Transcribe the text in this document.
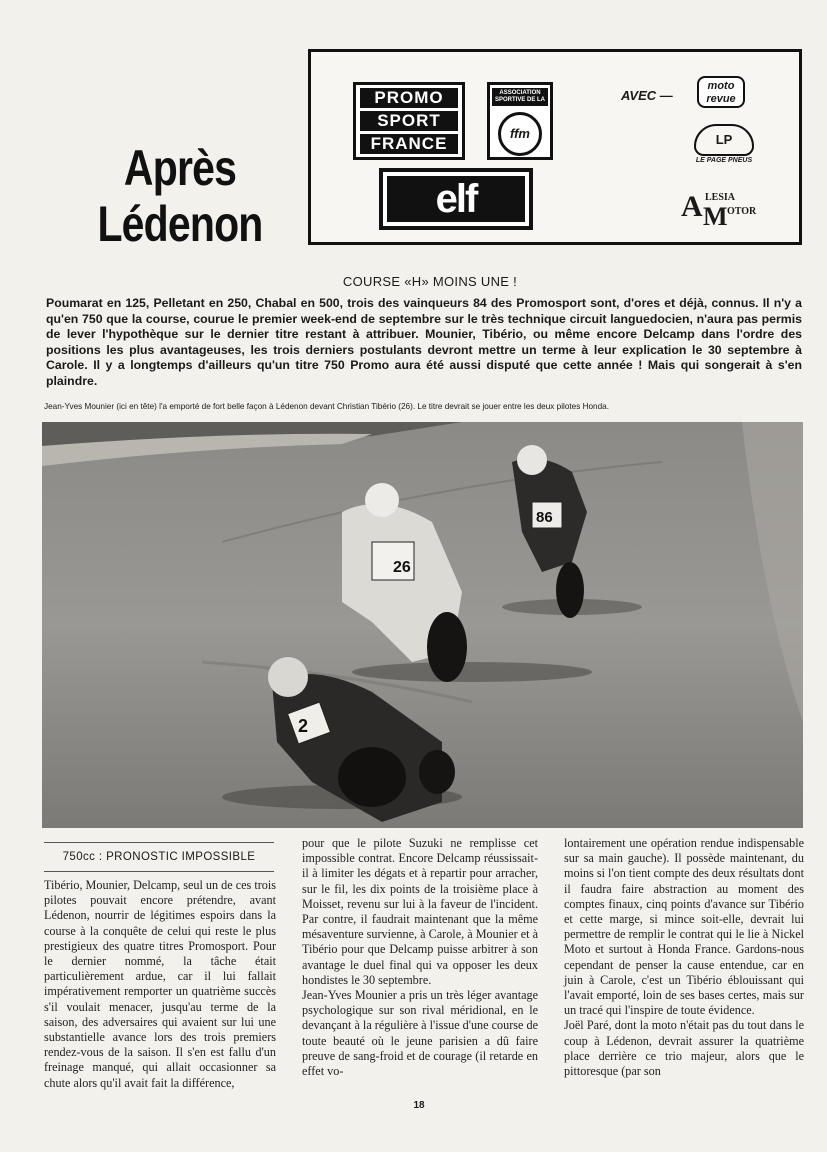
Après
Lédenon
PROMO
SPORT
FRANCE
ASSOCIATION SPORTIVE DE LA
ffm
elf
AVEC —
moto revue
LP
LE PAGE PNEUS
A M
LESIA
OTOR
COURSE «H» MOINS UNE !
Poumarat en 125, Pelletant en 250, Chabal en 500, trois des vainqueurs 84 des Promosport sont, d'ores et déjà, connus. Il n'y a qu'en 750 que la course, courue le premier week-end de septembre sur le très technique circuit languedocien, n'aura pas permis de lever l'hypothèque sur le dernier titre restant à attribuer. Mounier, Tibério, ou même encore Delcamp dans l'ordre des positions les plus avantageuses, les trois derniers postulants devront mettre un terme à leur explication le 30 septembre à Carole. Il y a longtemps d'ailleurs qu'un titre 750 Promo aura été aussi disputé que cette année ! Mais qui songerait à s'en plaindre.
Jean-Yves Mounier (ici en tête) l'a emporté de fort belle façon à Lédenon devant Christian Tibério (26). Le titre devrait se jouer entre les deux pilotes Honda.
86
26
2
750cc : PRONOSTIC IMPOSSIBLE

Tibério, Mounier, Delcamp, seul un de ces trois pilotes pouvait encore prétendre, avant Lédenon, nourrir de légitimes espoirs dans la course à la conquête de celui qui reste le plus prestigieux des quatre titres Promosport. Pour le dernier nommé, la tâche était particulièrement ardue, car il lui fallait impérativement remporter un quatrième succès s'il voulait menacer, jusqu'au terme de la saison, des adversaires qui avaient sur lui une substantielle avance lors des trois premiers rendez-vous de la saison. Il s'en est fallu d'un freinage manqué, qui allait occasionner sa chute alors qu'il avait fait la différence,

pour que le pilote Suzuki ne remplisse cet impossible contrat. Encore Delcamp réussissait-il à limiter les dégats et à repartir pour arracher, sur le fil, les dix points de la troisième place à Moisset, revenu sur lui à la faveur de l'incident. Par contre, il faudrait maintenant que la même mésaventure survienne, à Carole, à Mounier et à Tibério pour que Delcamp puisse arbitrer à son avantage le duel final qui va opposer les deux hondistes le 30 septembre.

Jean-Yves Mounier a pris un très léger avantage psychologique sur son rival méridional, en le devançant à la régulière à l'issue d'une course de toute beauté où le jeune parisien a dû faire preuve de sang-froid et de courage (il retarde en effet vo-

lontairement une opération rendue indispensable sur sa main gauche). Il possède maintenant, du moins si l'on tient compte des deux résultats dont il faudra faire abstraction au moment des comptes finaux, cinq points d'avance sur Tibério et cette marge, si mince soit-elle, devrait lui permettre de remplir le contrat qui le lie à Nickel Moto et surtout à Honda France. Gardons-nous cependant de penser la cause entendue, car en juin à Carole, c'est un Tibério éblouissant qui l'avait emporté, loin de ses bases certes, mais sur un tracé qui l'inspire de toute évidence.

Joël Paré, dont la moto n'était pas du tout dans le coup à Lédenon, devrait assurer la quatrième place derrière ce trio majeur, alors que le pittoresque (par son

18
